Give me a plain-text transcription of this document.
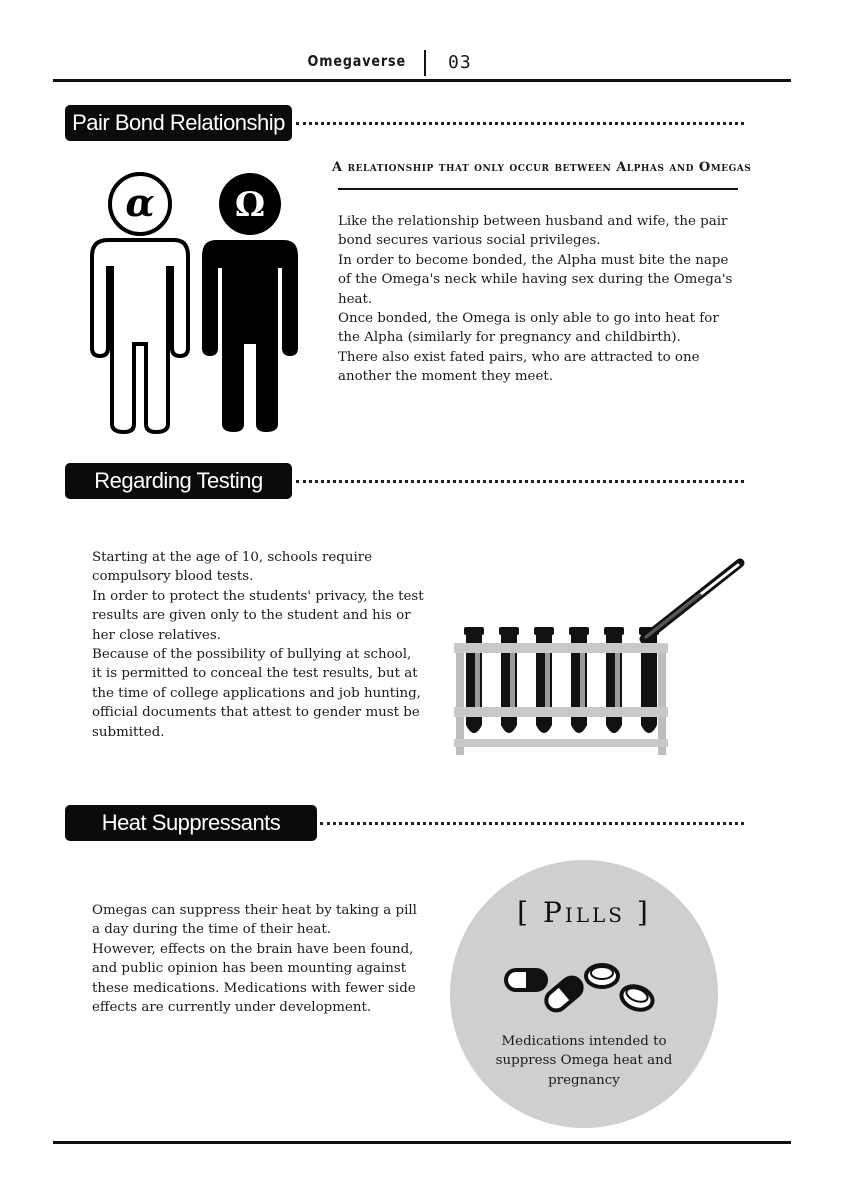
Omegaverse 03
Pair Bond Relationship
A relationship that only occur between Alphas and Omegas
α Ω	Like the relationship between husband and wife, the pair
bond secures various social privileges.
In order to become bonded, the Alpha must bite the nape
of the Omega's neck while having sex during the Omega's
heat.
Once bonded, the Omega is only able to go into heat for
the Alpha (similarly for pregnancy and childbirth).
There also exist fated pairs, who are attracted to one
another the moment they meet.
Regarding Testing
Starting at the age of 10, schools require
compulsory blood tests.
In order to protect the students' privacy, the test
results are given only to the student and his or
her close relatives.
Because of the possibility of bullying at school,
it is permitted to conceal the test results, but at
the time of college applications and job hunting,
official documents that attest to gender must be
submitted.
Heat Suppressants
Omegas can suppress their heat by taking a pill
a day during the time of their heat.
However, effects on the brain have been found,
and public opinion has been mounting against
these medications. Medications with fewer side
effects are currently under development.
[ Pills ]
Medications intended to
suppress Omega heat and
pregnancy
